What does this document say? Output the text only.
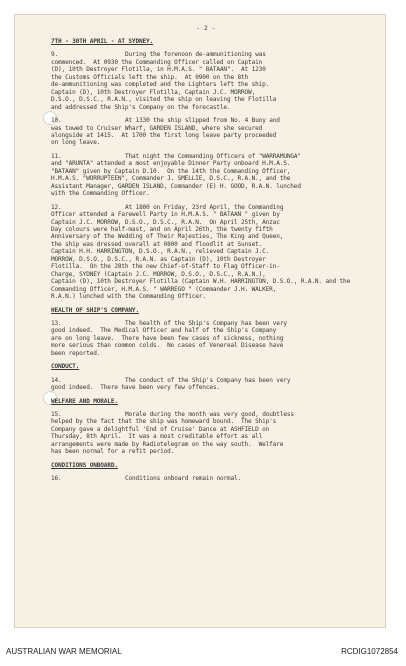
- 2 -
7TH - 30TH APRIL - AT SYDNEY.
9.	During the forenoon de-ammunitioning was
commenced.  At 0930 the Commanding Officer called on Captain
(D), 10th Destroyer Flotilla, in H.M.A.S. " BATAAN".  At 1230
the Customs Officials left the ship.  At 0900 on the 8th
de-ammunitioning was completed and the Lighters left the ship.
Captain (D), 10th Destroyer Flotilla, Captain J.C. MORROW,
D.S.O., D.S.C., R.A.N., visited the ship on leaving the Flotilla
and addressed the Ship's Company on the forecastle.
10.	At 1330 the ship slipped from No. 4 Buoy and
was towed to Cruiser Wharf, GARDEN ISLAND, where she secured
alongside at 1415.  At 1700 the first long leave party proceeded
on long leave.
11.	That night the Commanding Officers of "WARRAMUNGA"
and "ARUNTA" attended a most enjoyable Dinner Party onboard H.M.A.S.
"BATAAN" given by Captain D.10.  On the 14th the Commanding Officer,
H.M.A.S. "WORRUPTEEN", Commander J. SMELLIE, D.S.C., R.A.N., and the
Assistant Manager, GARDEN ISLAND, Commander (E) H. GOOD, R.A.N. lunched
with the Commanding Officer.
12.	At 1800 on Friday, 23rd April, the Commanding
Officer attended a Farewell Party in H.M.A.S. " BATAAN " given by
Captain J.C. MORROW, D.S.O., D.S.C., R.A.N.  On April 25th, Anzac
Day colours were half-mast, and on April 26th, the twenty fifth
Anniversary of the Wedding of Their Majesties, The King and Queen,
the ship was dressed overall at 0800 and floodlit at Sunset.
Captain H.H. HARRINGTON, D.S.O., R.A.N., relieved Captain J.C.
MORROW, D.S.O., D.S.C., R.A.N. as Captain (D), 10th Destroyer
Flotilla.  On the 28th the new Chief-of-Staff to Flag Officer-in-
Charge, SYDNEY (Captain J.C. MORROW, D.S.O., D.S.C., R.A.N.),
Captain (D), 10th Destroyer Flotilla (Captain W.H. HARRINGTON, D.S.O., R.A.N. and the
Commanding Officer, H.M.A.S. " WARREGO " (Commander J.H. WALKER,
R.A.N.) lunched with the Commanding Officer.
HEALTH OF SHIP'S COMPANY.
13.	The health of the Ship's Company has been very
good indeed.  The Medical Officer and half of the Ship's Company
are on long leave.  There have been few cases of sickness, nothing
more serious than common colds.  No cases of Venereal Disease have
been reported.
CONDUCT.
14.	The conduct of the Ship's Company has been very
good indeed.  There have been very few offences.
WELFARE AND MORALE.
15.	Morale during the month was very good, doubtless
helped by the fact that the ship was homeward bound.  The Ship's
Company gave a delightful 'End of Cruise' Dance at ASHFIELD on
Thursday, 8th April.  It was a most creditable effort as all
arrangements were made by Radiotelegram on the way south.  Welfare
has been normal for a refit period.
CONDITIONS ONBOARD.
16.	Conditions onboard remain normal.
AUSTRALIAN WAR MEMORIAL	RCDIG1072854
